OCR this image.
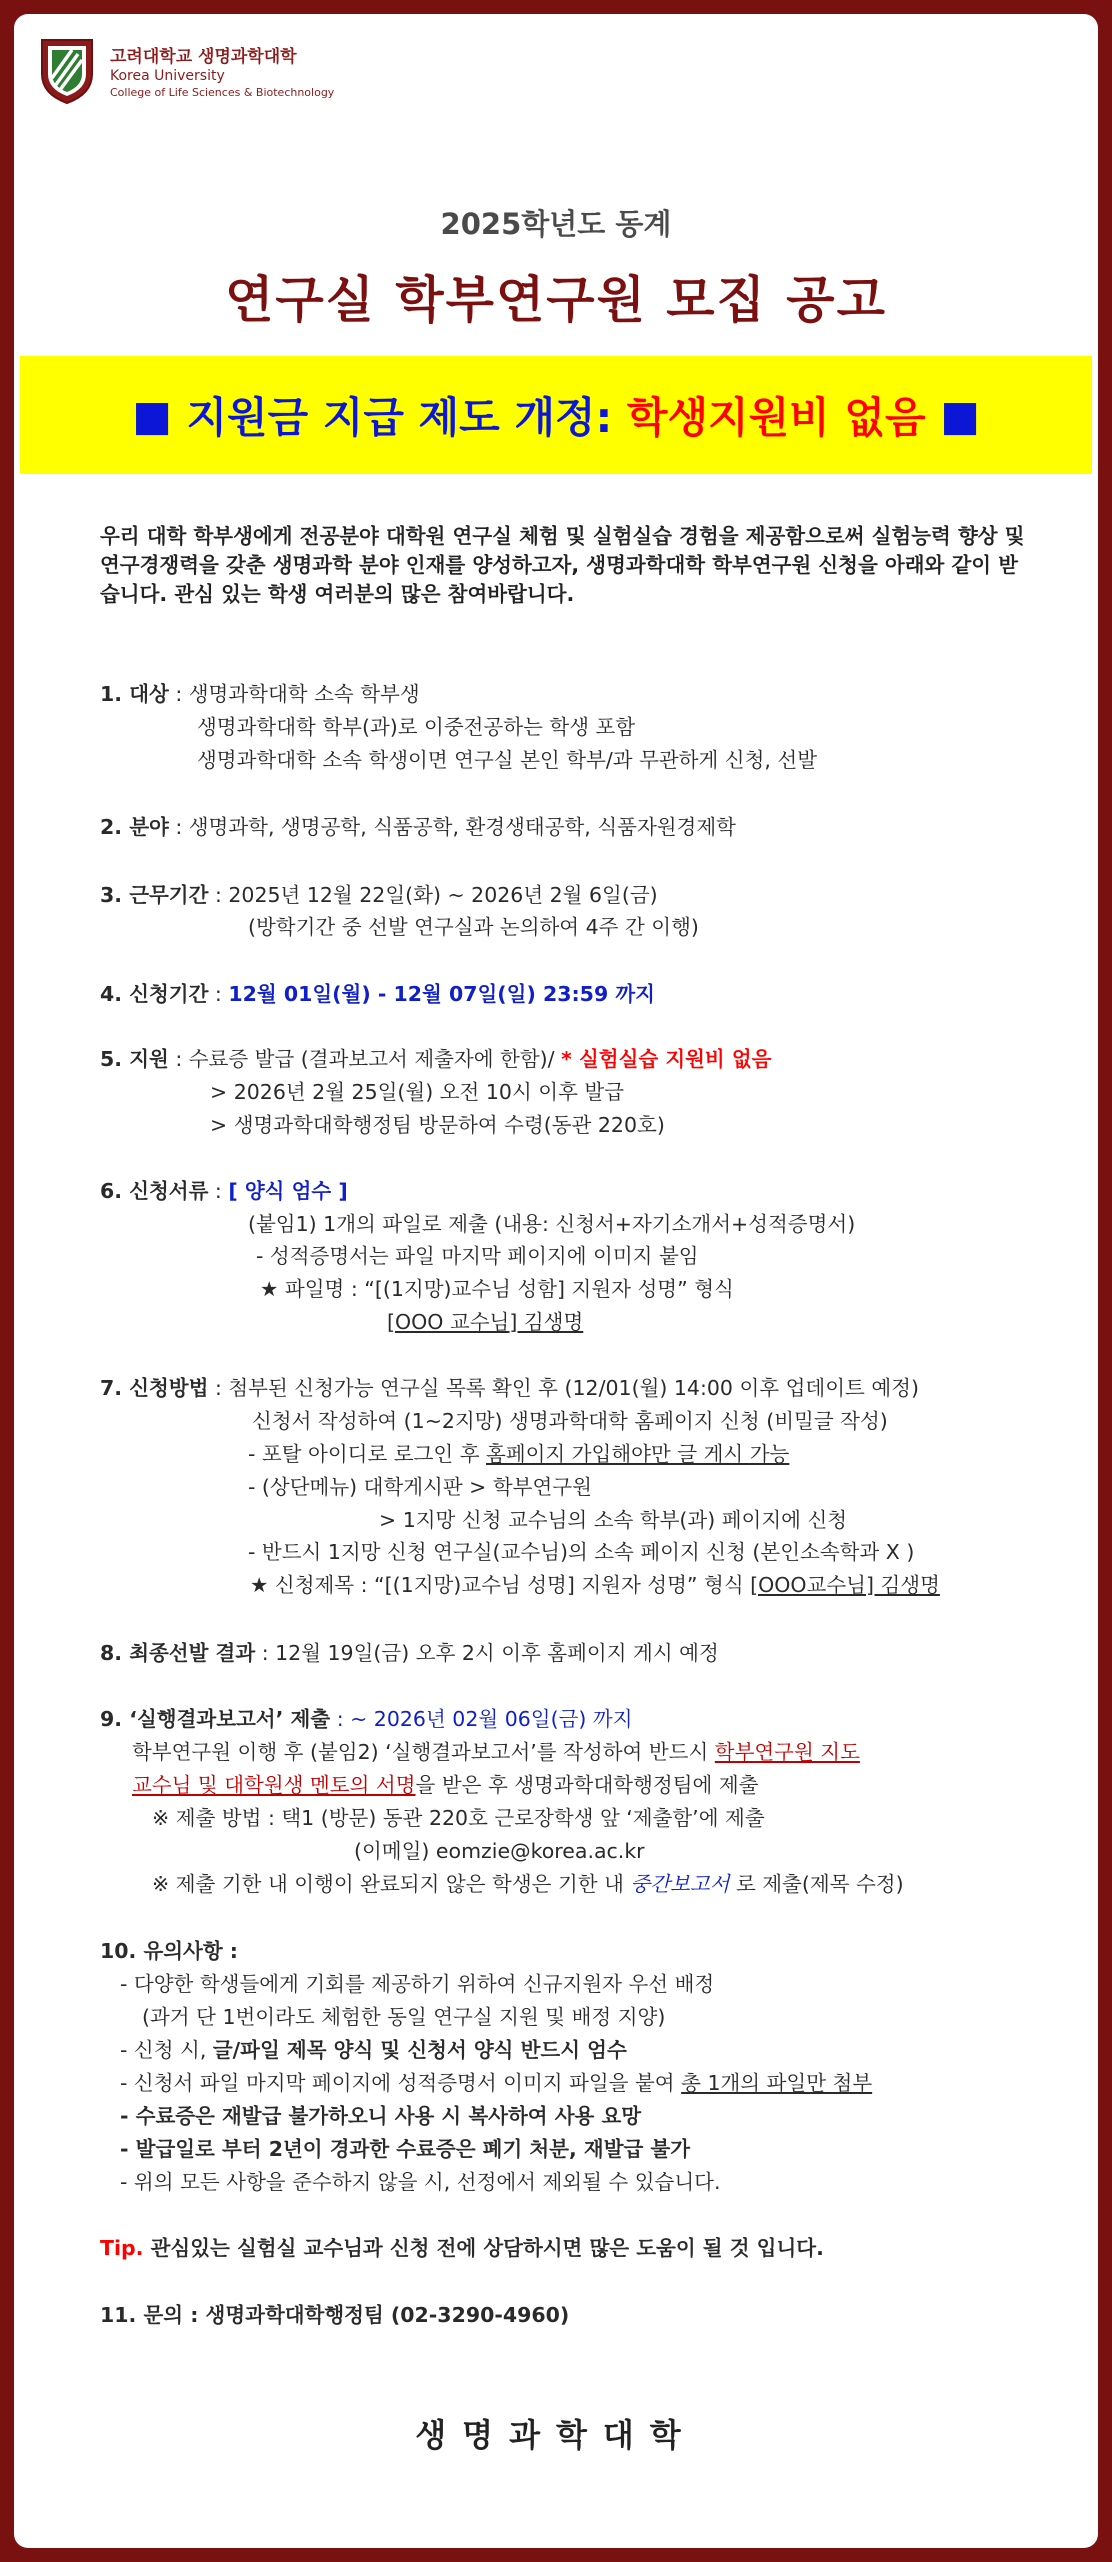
고려대학교 생명과학대학
Korea University
College of Life Sciences & Biotechnology
2025학년도 동계
연구실 학부연구원 모집 공고
■
지원금 지급 제도 개정:
학생지원비 없음
■
우리 대학 학부생에게 전공분야 대학원 연구실 체험 및 실험실습 경험을 제공함으로써 실험능력 향상 및 연구경쟁력을 갖춘 생명과학 분야 인재를 양성하고자, 생명과학대학 학부연구원 신청을 아래와 같이 받습니다. 관심 있는 학생 여러분의 많은 참여바랍니다.
1. 대상 : 생명과학대학 소속 학부생
생명과학대학 학부(과)로 이중전공하는 학생 포함
생명과학대학 소속 학생이면 연구실 본인 학부/과 무관하게 신청, 선발
2. 분야 : 생명과학, 생명공학, 식품공학, 환경생태공학, 식품자원경제학
3. 근무기간 : 2025년 12월 22일(화) ~ 2026년 2월 6일(금)
(방학기간 중 선발 연구실과 논의하여 4주 간 이행)
4. 신청기간 : 12월 01일(월) - 12월 07일(일) 23:59 까지
5. 지원 : 수료증 발급 (결과보고서 제출자에 한함)/ * 실험실습 지원비 없음
> 2026년 2월 25일(월) 오전 10시 이후 발급
> 생명과학대학행정팀 방문하여 수령(동관 220호)
6. 신청서류 : [ 양식 엄수 ]
(붙임1) 1개의 파일로 제출 (내용: 신청서+자기소개서+성적증명서)
- 성적증명서는 파일 마지막 페이지에 이미지 붙임
★ 파일명 : “[(1지망)교수님 성함] 지원자 성명” 형식
[OOO 교수님] 김생명
7. 신청방법 : 첨부된 신청가능 연구실 목록 확인 후 (12/01(월) 14:00 이후 업데이트 예정)
신청서 작성하여 (1~2지망) 생명과학대학 홈페이지 신청 (비밀글 작성)
- 포탈 아이디로 로그인 후 홈페이지 가입해야만 글 게시 가능
- (상단메뉴) 대학게시판 > 학부연구원
> 1지망 신청 교수님의 소속 학부(과) 페이지에 신청
- 반드시 1지망 신청 연구실(교수님)의 소속 페이지 신청 (본인소속학과 X )
★ 신청제목 : “[(1지망)교수님 성명] 지원자 성명” 형식 [OOO교수님] 김생명
8. 최종선발 결과 : 12월 19일(금) 오후 2시 이후 홈페이지 게시 예정
9. ‘실행결과보고서’ 제출 : ~ 2026년 02월 06일(금) 까지
학부연구원 이행 후 (붙임2) ‘실행결과보고서’를 작성하여 반드시 학부연구원 지도
교수님 및 대학원생 멘토의 서명을 받은 후 생명과학대학행정팀에 제출
※ 제출 방법 : 택1 (방문) 동관 220호 근로장학생 앞 ‘제출함’에 제출
(이메일) eomzie@korea.ac.kr
※ 제출 기한 내 이행이 완료되지 않은 학생은 기한 내 중간보고서 로 제출(제목 수정)
10. 유의사항 :
- 다양한 학생들에게 기회를 제공하기 위하여 신규지원자 우선 배정
(과거 단 1번이라도 체험한 동일 연구실 지원 및 배정 지양)
- 신청 시, 글/파일 제목 양식 및 신청서 양식 반드시 엄수
- 신청서 파일 마지막 페이지에 성적증명서 이미지 파일을 붙여 총 1개의 파일만 첨부
- 수료증은 재발급 불가하오니 사용 시 복사하여 사용 요망
- 발급일로 부터 2년이 경과한 수료증은 폐기 처분, 재발급 불가
- 위의 모든 사항을 준수하지 않을 시, 선정에서 제외될 수 있습니다.
Tip. 관심있는 실험실 교수님과 신청 전에 상담하시면 많은 도움이 될 것 입니다.
11. 문의 : 생명과학대학행정팀 (02-3290-4960)
생명과학대학
